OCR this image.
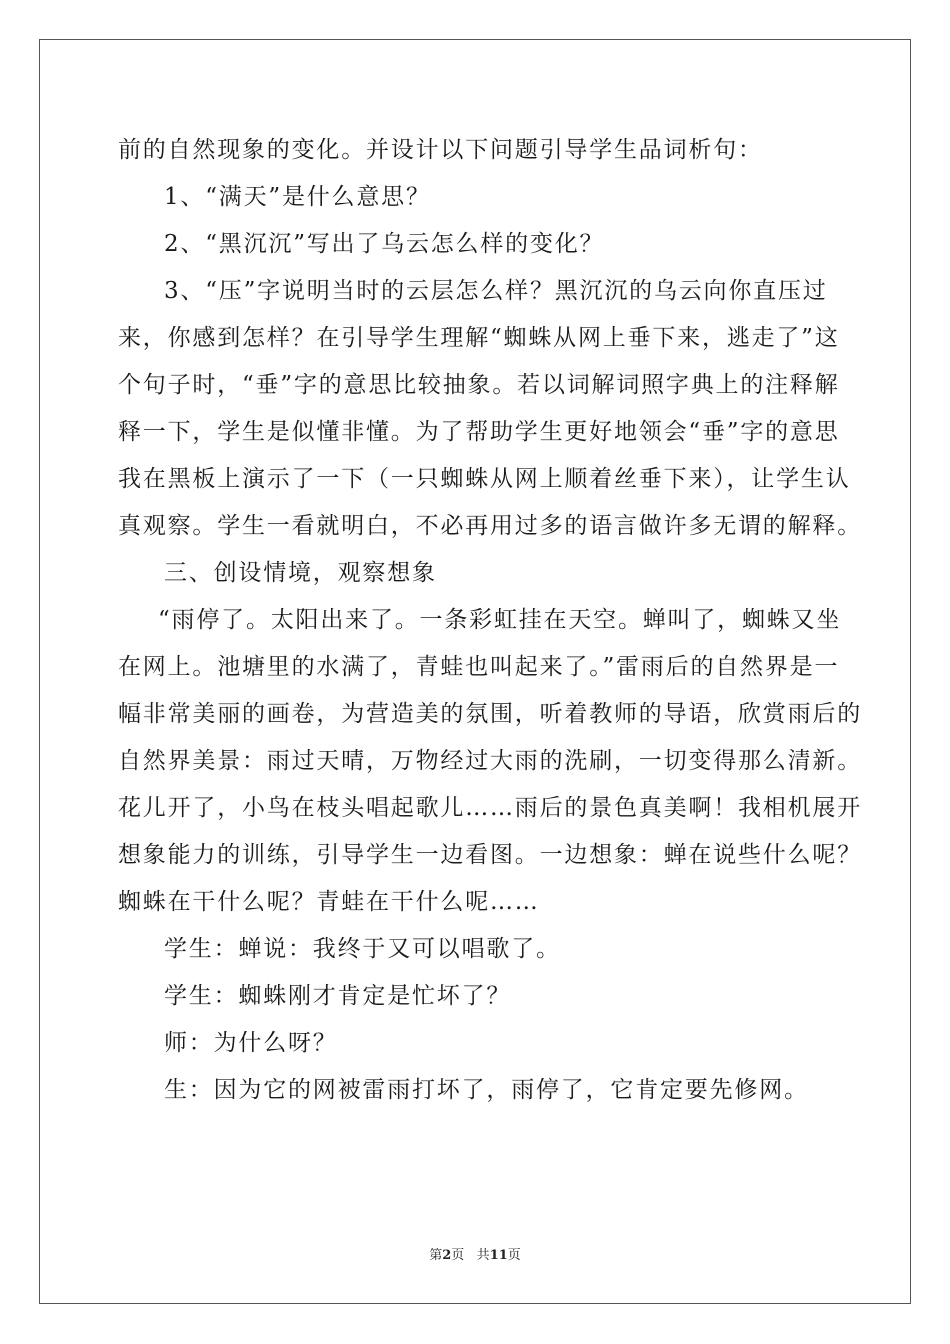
前的自然现象的变化。并设计以下问题引导学生品词析句：
1、“满天”是什么意思？
2、“黑沉沉”写出了乌云怎么样的变化？
3、“压”字说明当时的云层怎么样？黑沉沉的乌云向你直压过
来，你感到怎样？在引导学生理解“蜘蛛从网上垂下来，逃走了”这
个句子时，“垂”字的意思比较抽象。若以词解词照字典上的注释解
释一下，学生是似懂非懂。为了帮助学生更好地领会“垂”字的意思
我在黑板上演示了一下（一只蜘蛛从网上顺着丝垂下来），让学生认
真观察。学生一看就明白，不必再用过多的语言做许多无谓的解释。
三、创设情境，观察想象
“雨停了。太阳出来了。一条彩虹挂在天空。蝉叫了，蜘蛛又坐
在网上。池塘里的水满了，青蛙也叫起来了。”雷雨后的自然界是一
幅非常美丽的画卷，为营造美的氛围，听着教师的导语，欣赏雨后的
自然界美景：雨过天晴，万物经过大雨的洗刷，一切变得那么清新。
花儿开了，小鸟在枝头唱起歌儿……雨后的景色真美啊！我相机展开
想象能力的训练，引导学生一边看图。一边想象：蝉在说些什么呢？
蜘蛛在干什么呢？青蛙在干什么呢……
学生：蝉说：我终于又可以唱歌了。
学生：蜘蛛刚才肯定是忙坏了？
师：为什么呀？
生：因为它的网被雷雨打坏了，雨停了，它肯定要先修网。
第2页 共11页
